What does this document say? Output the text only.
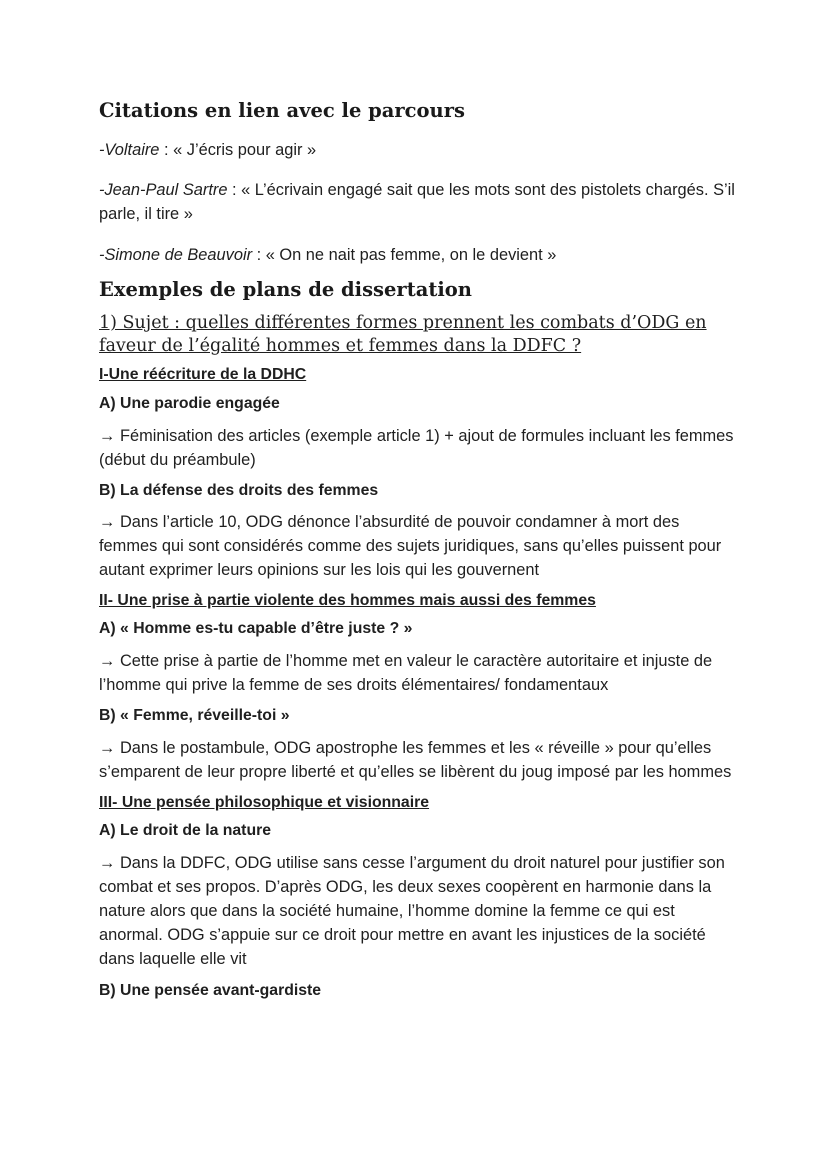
Citations en lien avec le parcours

-Voltaire : « J’écris pour agir »

-Jean-Paul Sartre : « L’écrivain engagé sait que les mots sont des pistolets chargés. S’il parle, il tire »

-Simone de Beauvoir : « On ne nait pas femme, on le devient »

Exemples de plans de dissertation

1) Sujet : quelles différentes formes prennent les combats d’ODG en faveur de l’égalité hommes et femmes dans la DDFC ?

I-Une réécriture de la DDHC

A) Une parodie engagée

→ Féminisation des articles (exemple article 1) + ajout de formules incluant les femmes (début du préambule)

B) La défense des droits des femmes

→ Dans l’article 10, ODG dénonce l’absurdité de pouvoir condamner à mort des femmes qui sont considérés comme des sujets juridiques, sans qu’elles puissent pour autant exprimer leurs opinions sur les lois qui les gouvernent

II- Une prise à partie violente des hommes mais aussi des femmes

A) « Homme es-tu capable d’être juste ? »

→ Cette prise à partie de l’homme met en valeur le caractère autoritaire et injuste de l’homme qui prive la femme de ses droits élémentaires/ fondamentaux

B) « Femme, réveille-toi »

→ Dans le postambule, ODG apostrophe les femmes et les « réveille » pour qu’elles s’emparent de leur propre liberté et qu’elles se libèrent du joug imposé par les hommes

III- Une pensée philosophique et visionnaire

A) Le droit de la nature

→ Dans la DDFC, ODG utilise sans cesse l’argument du droit naturel pour justifier son combat et ses propos. D’après ODG, les deux sexes coopèrent en harmonie dans la nature alors que dans la société humaine, l’homme domine la femme ce qui est anormal. ODG s’appuie sur ce droit pour mettre en avant les injustices de la société dans laquelle elle vit

B) Une pensée avant-gardiste
